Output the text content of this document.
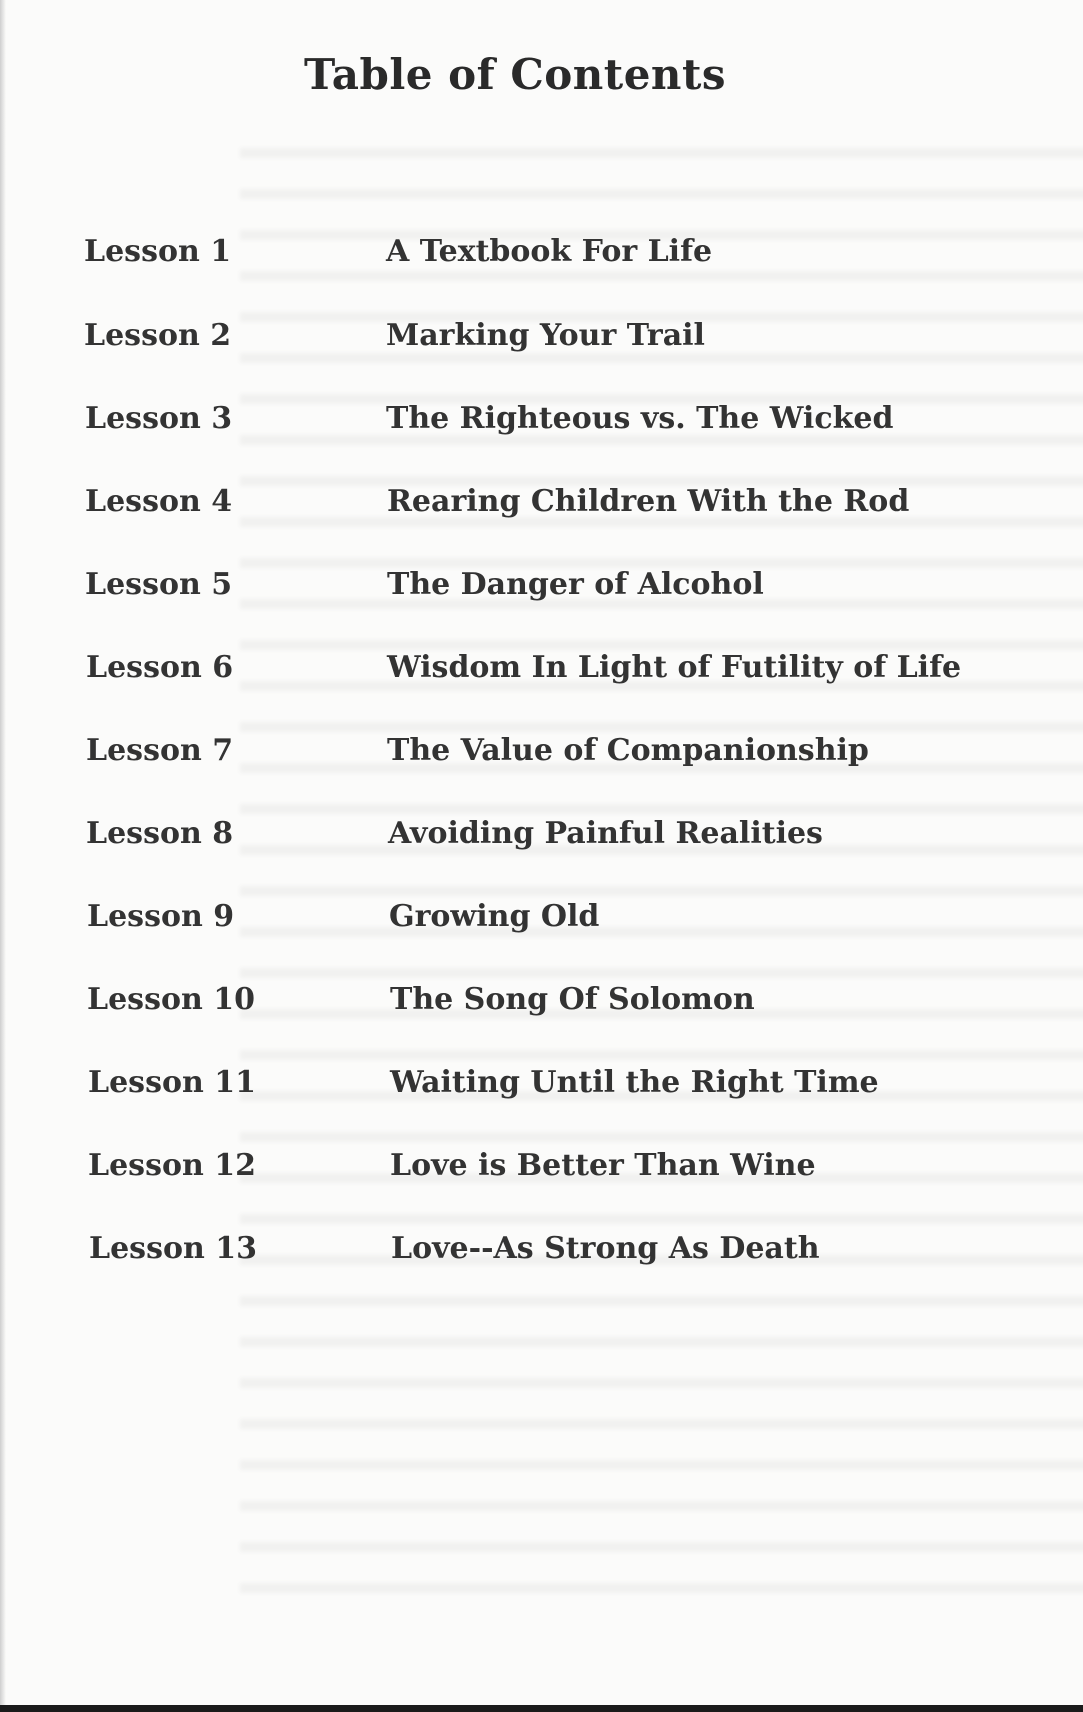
Table of Contents
Lesson 1	A Textbook For Life
Lesson 2	Marking Your Trail
Lesson 3	The Righteous vs. The Wicked
Lesson 4	Rearing Children With the Rod
Lesson 5	The Danger of Alcohol
Lesson 6	Wisdom In Light of Futility of Life
Lesson 7	The Value of Companionship
Lesson 8	Avoiding Painful Realities
Lesson 9	Growing Old
Lesson 10	The Song Of Solomon
Lesson 11	Waiting Until the Right Time
Lesson 12	Love is Better Than Wine
Lesson 13	Love--As Strong As Death
